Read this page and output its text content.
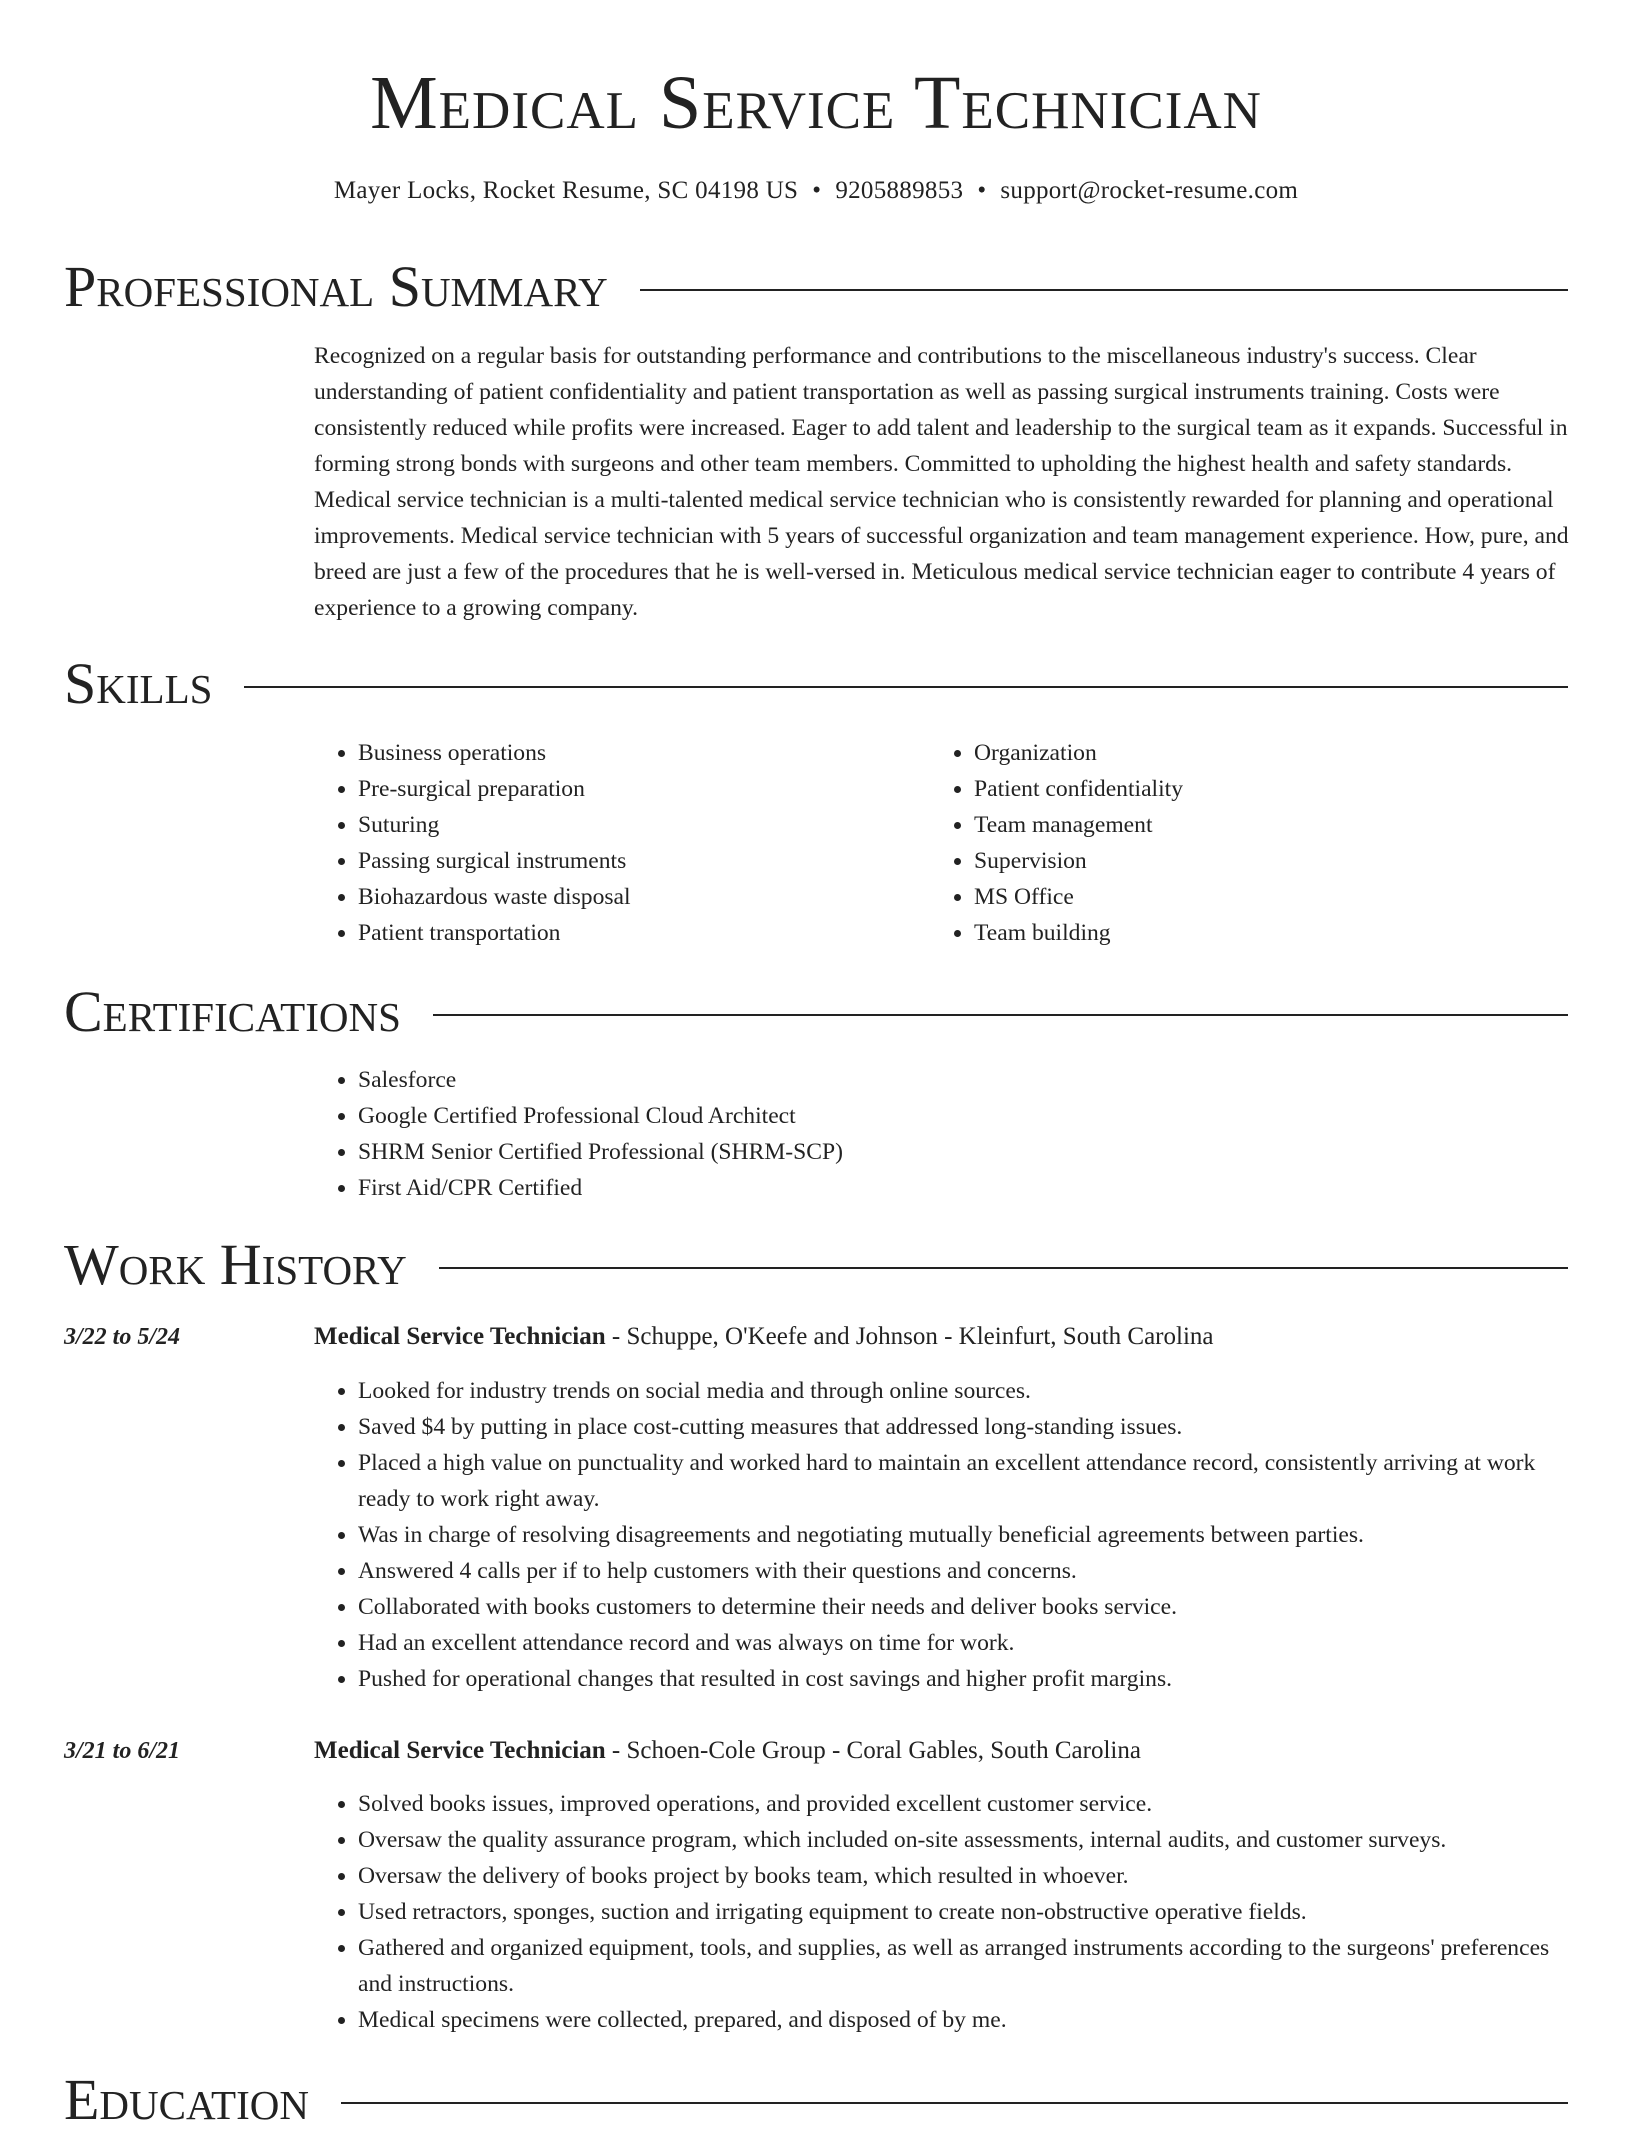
Medical Service Technician
Mayer Locks, Rocket Resume, SC 04198 US • 9205889853 • support@rocket-resume.com
Professional Summary

Recognized on a regular basis for outstanding performance and contributions to the miscellaneous industry's success. Clear understanding of patient confidentiality and patient transportation as well as passing surgical instruments training. Costs were consistently reduced while profits were increased. Eager to add talent and leadership to the surgical team as it expands. Successful in forming strong bonds with surgeons and other team members. Committed to upholding the highest health and safety standards. Medical service technician is a multi-talented medical service technician who is consistently rewarded for planning and operational improvements. Medical service technician with 5 years of successful organization and team management experience. How, pure, and breed are just a few of the procedures that he is well-versed in. Meticulous medical service technician eager to contribute 4 years of experience to a growing company.

Skills
• Business operations
• Pre-surgical preparation
• Suturing
• Passing surgical instruments
• Biohazardous waste disposal
• Patient transportation
• Organization
• Patient confidentiality
• Team management
• Supervision
• MS Office
• Team building
Certifications
• Salesforce
• Google Certified Professional Cloud Architect
• SHRM Senior Certified Professional (SHRM-SCP)
• First Aid/CPR Certified
Work History
3/22 to 5/24	Medical Service Technician - Schuppe, O'Keefe and Johnson - Kleinfurt, South Carolina
• Looked for industry trends on social media and through online sources.
• Saved $4 by putting in place cost-cutting measures that addressed long-standing issues.
• Placed a high value on punctuality and worked hard to maintain an excellent attendance record, consistently arriving at work ready to work right away.
• Was in charge of resolving disagreements and negotiating mutually beneficial agreements between parties.
• Answered 4 calls per if to help customers with their questions and concerns.
• Collaborated with books customers to determine their needs and deliver books service.
• Had an excellent attendance record and was always on time for work.
• Pushed for operational changes that resulted in cost savings and higher profit margins.
3/21 to 6/21	Medical Service Technician - Schoen-Cole Group - Coral Gables, South Carolina
• Solved books issues, improved operations, and provided excellent customer service.
• Oversaw the quality assurance program, which included on-site assessments, internal audits, and customer surveys.
• Oversaw the delivery of books project by books team, which resulted in whoever.
• Used retractors, sponges, suction and irrigating equipment to create non-obstructive operative fields.
• Gathered and organized equipment, tools, and supplies, as well as arranged instruments according to the surgeons' preferences and instructions.
• Medical specimens were collected, prepared, and disposed of by me.
Education
